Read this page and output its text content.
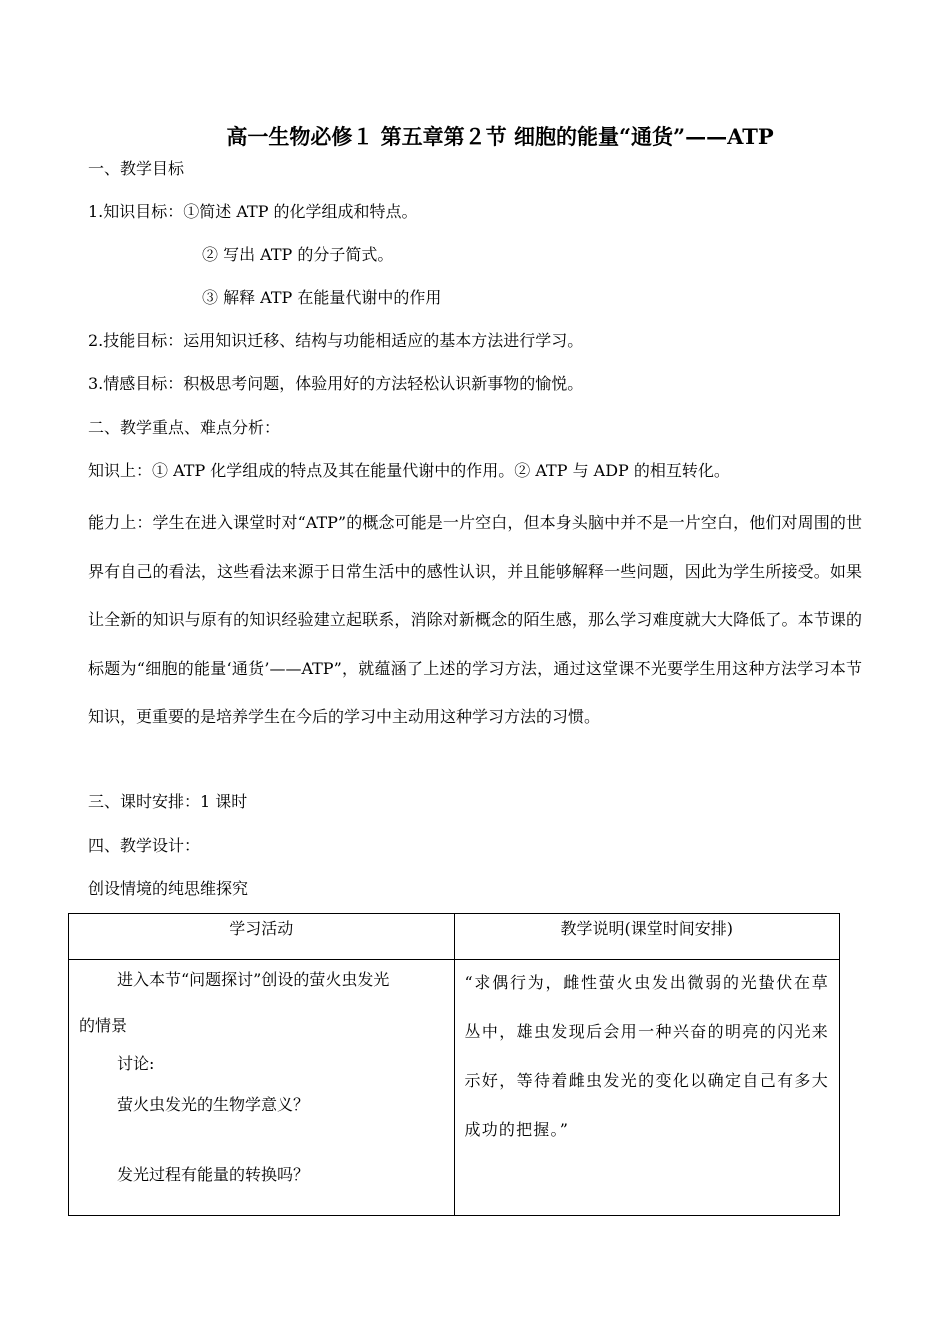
高一生物必修１ 第五章第２节 细胞的能量“通货”——ATP
一、教学目标
1.知识目标：①简述 ATP 的化学组成和特点。
② 写出 ATP 的分子简式。
③ 解释 ATP 在能量代谢中的作用
2.技能目标：运用知识迁移、结构与功能相适应的基本方法进行学习。
3.情感目标：积极思考问题，体验用好的方法轻松认识新事物的愉悦。
二、教学重点、难点分析：
知识上：① ATP 化学组成的特点及其在能量代谢中的作用。② ATP 与 ADP 的相互转化。
能力上：学生在进入课堂时对“ATP”的概念可能是一片空白，但本身头脑中并不是一片空白，他们对周围的世界有自己的看法，这些看法来源于日常生活中的感性认识，并且能够解释一些问题，因此为学生所接受。如果让全新的知识与原有的知识经验建立起联系，消除对新概念的陌生感，那么学习难度就大大降低了。本节课的标题为“细胞的能量‘通货’——ATP”，就蕴涵了上述的学习方法，通过这堂课不光要学生用这种方法学习本节知识，更重要的是培养学生在今后的学习中主动用这种学习方法的习惯。
三、课时安排：1 课时
四、教学设计：
创设情境的纯思维探究
学习活动	教学说明(课堂时间安排)

进入本节“问题探讨”创设的萤火虫发光
的情景
讨论:
萤火虫发光的生物学意义？
发光过程有能量的转换吗？	“求偶行为，雌性萤火虫发出微弱的光蛰伏在草丛中，雄虫发现后会用一种兴奋的明亮的闪光来示好，等待着雌虫发光的变化以确定自己有多大成功的把握。”
